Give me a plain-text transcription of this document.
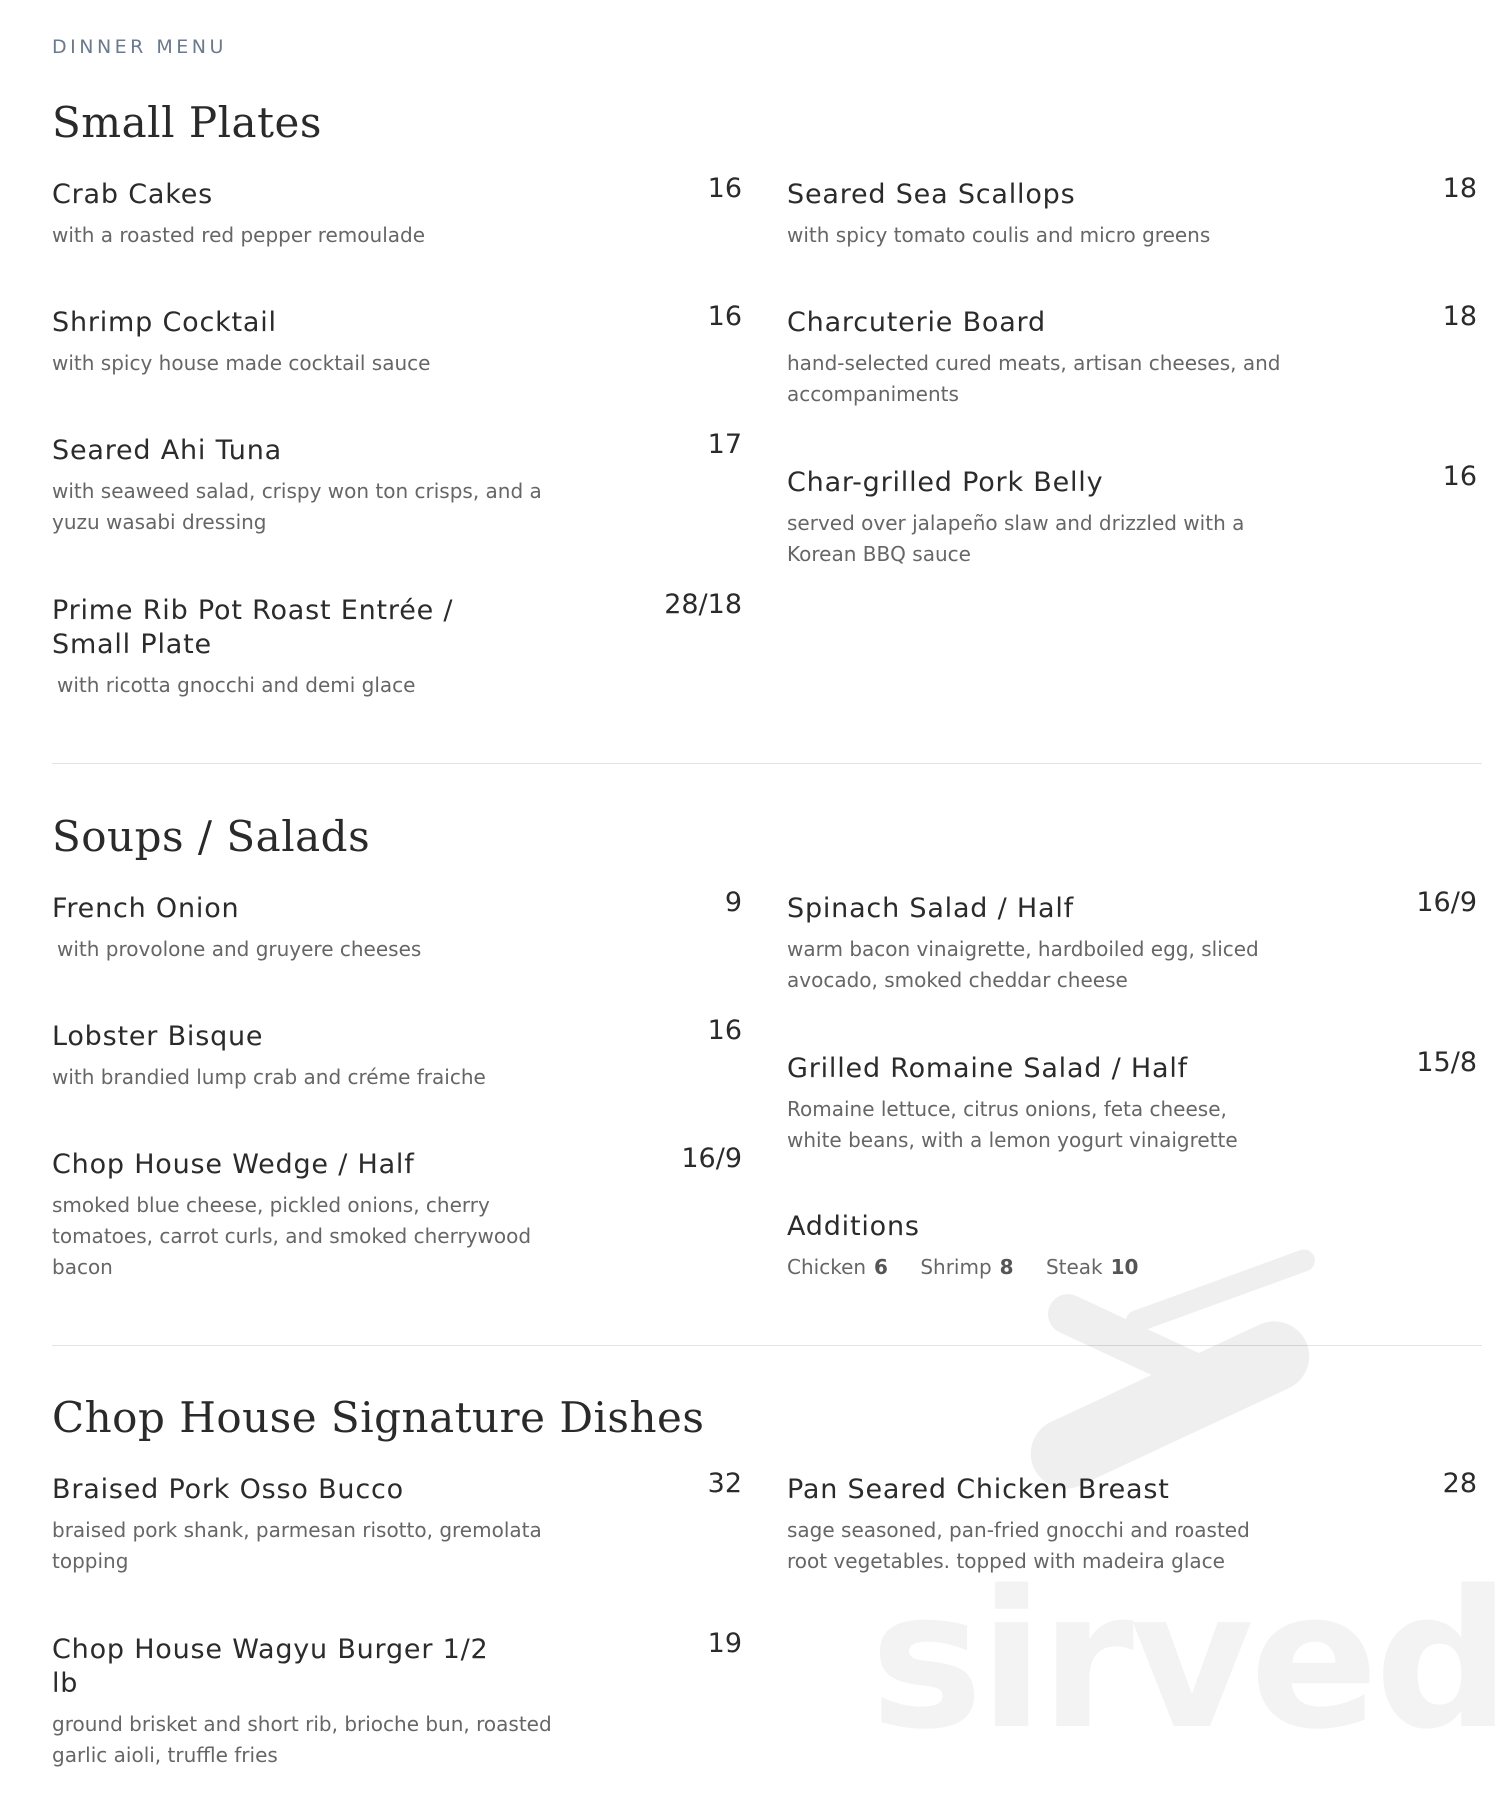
DINNER MENU
Small Plates
Crab Cakes	16
with a roasted red pepper remoulade
Shrimp Cocktail	16
with spicy house made cocktail sauce
Seared Ahi Tuna	17
with seaweed salad, crispy won ton crisps, and a yuzu wasabi dressing
Prime Rib Pot Roast Entrée / Small Plate
28/18
with ricotta gnocchi and demi glace
Seared Sea Scallops	18
with spicy tomato coulis and micro greens
Charcuterie Board	18
hand-selected cured meats, artisan cheeses, and accompaniments
Char-grilled Pork Belly	16
served over jalapeño slaw and drizzled with a Korean BBQ sauce
Soups / Salads
French Onion	9
with provolone and gruyere cheeses
Lobster Bisque	16
with brandied lump crab and créme fraiche
Chop House Wedge / Half	16/9
smoked blue cheese, pickled onions, cherry tomatoes, carrot curls, and smoked cherrywood bacon
Spinach Salad / Half	16/9
warm bacon vinaigrette, hardboiled egg, sliced avocado, smoked cheddar cheese
Grilled Romaine Salad / Half	15/8
Romaine lettuce, citrus onions, feta cheese, white beans, with a lemon yogurt vinaigrette
Additions
Chicken 6 Shrimp 8 Steak 10
Chop House Signature Dishes
Braised Pork Osso Bucco	32
braised pork shank, parmesan risotto, gremolata topping
Chop House Wagyu Burger 1/2 lb
19
ground brisket and short rib, brioche bun, roasted garlic aioli, truffle fries
Pan Seared Chicken Breast	28
sage seasoned, pan-fried gnocchi and roasted root vegetables. topped with madeira glace
